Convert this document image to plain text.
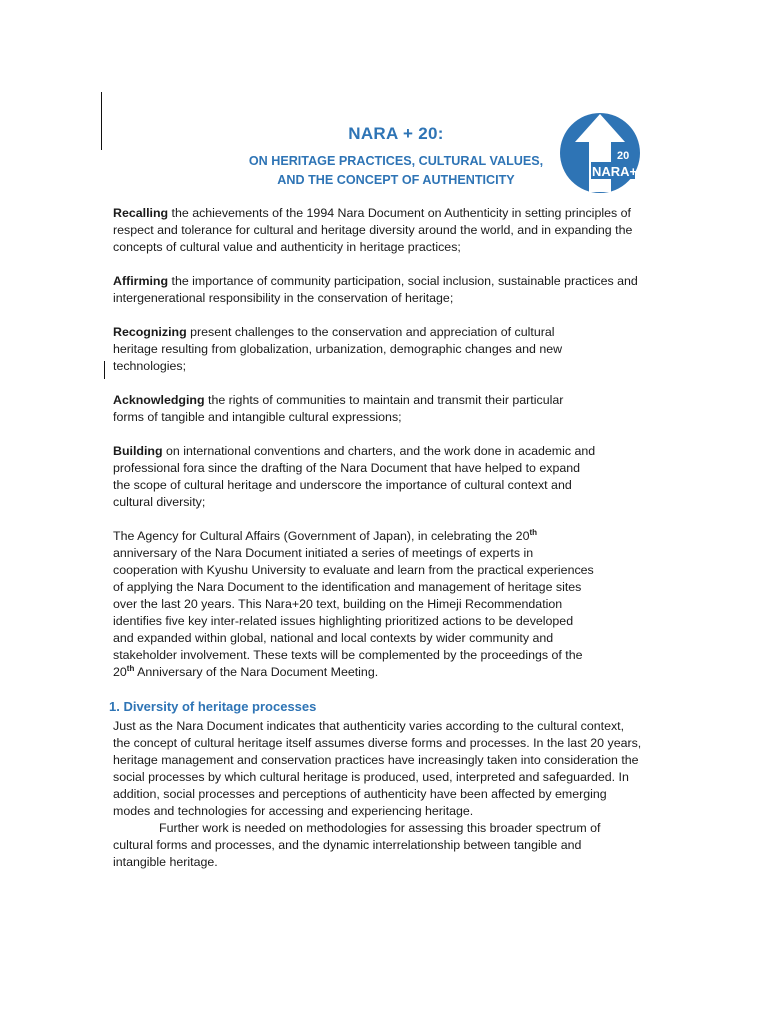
NARA + 20:
ON HERITAGE PRACTICES, CULTURAL VALUES,
AND THE CONCEPT OF AUTHENTICITY
20
NARA+

Recalling the achievements of the 1994 Nara Document on Authenticity in setting principles of
respect and tolerance for cultural and heritage diversity around the world, and in expanding the
concepts of cultural value and authenticity in heritage practices;

Affirming the importance of community participation, social inclusion, sustainable practices and
intergenerational responsibility in the conservation of heritage;

Recognizing present challenges to the conservation and appreciation of cultural
heritage resulting from globalization, urbanization, demographic changes and new
technologies;

Acknowledging the rights of communities to maintain and transmit their particular
forms of tangible and intangible cultural expressions;

Building on international conventions and charters, and the work done in academic and
professional fora since the drafting of the Nara Document that have helped to expand
the scope of cultural heritage and underscore the importance of cultural context and
cultural diversity;

The Agency for Cultural Affairs (Government of Japan), in celebrating the 20th
anniversary of the Nara Document initiated a series of meetings of experts in
cooperation with Kyushu University to evaluate and learn from the practical experiences
of applying the Nara Document to the identification and management of heritage sites
over the last 20 years. This Nara+20 text, building on the Himeji Recommendation
identifies five key inter-related issues highlighting prioritized actions to be developed
and expanded within global, national and local contexts by wider community and
stakeholder involvement. These texts will be complemented by the proceedings of the
20th Anniversary of the Nara Document Meeting.

1. Diversity of heritage processes
Just as the Nara Document indicates that authenticity varies according to the cultural context,
the concept of cultural heritage itself assumes diverse forms and processes. In the last 20 years,
heritage management and conservation practices have increasingly taken into consideration the
social processes by which cultural heritage is produced, used, interpreted and safeguarded. In
addition, social processes and perceptions of authenticity have been affected by emerging
modes and technologies for accessing and experiencing heritage.
Further work is needed on methodologies for assessing this broader spectrum of
cultural forms and processes, and the dynamic interrelationship between tangible and
intangible heritage.
